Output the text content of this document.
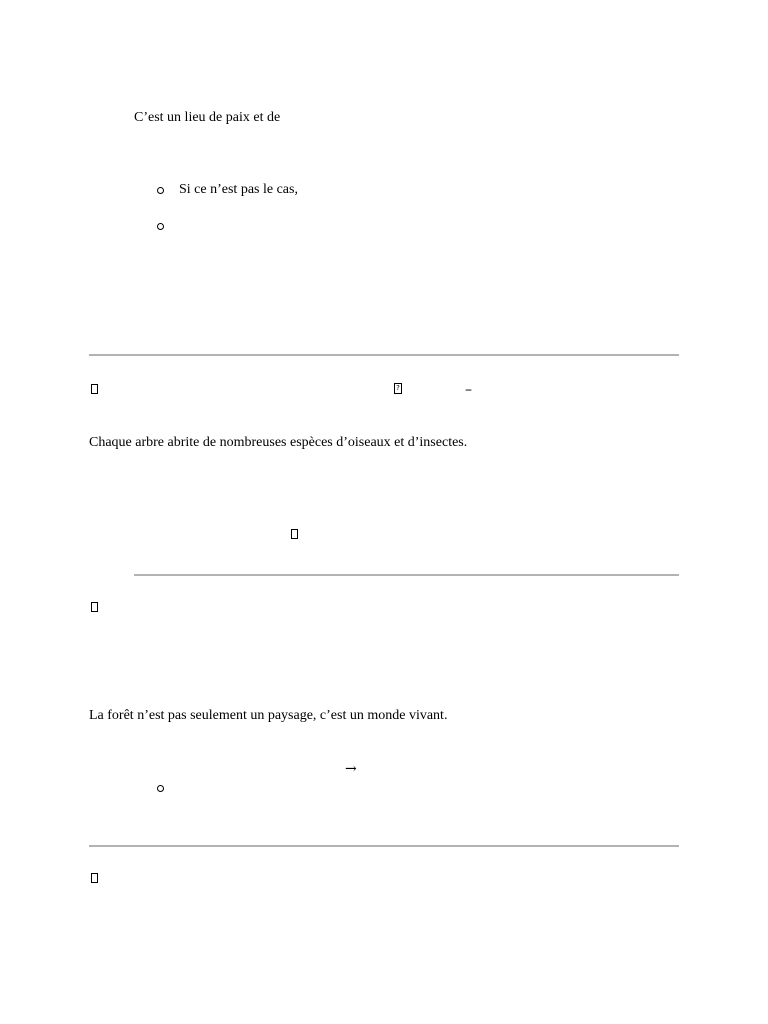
C’est un lieu de paix et de
Si ce n’est pas le cas,
?	–
Chaque arbre abrite de nombreuses espèces d’oiseaux et d’insectes.
La forêt n’est pas seulement un paysage, c’est un monde vivant.
→
